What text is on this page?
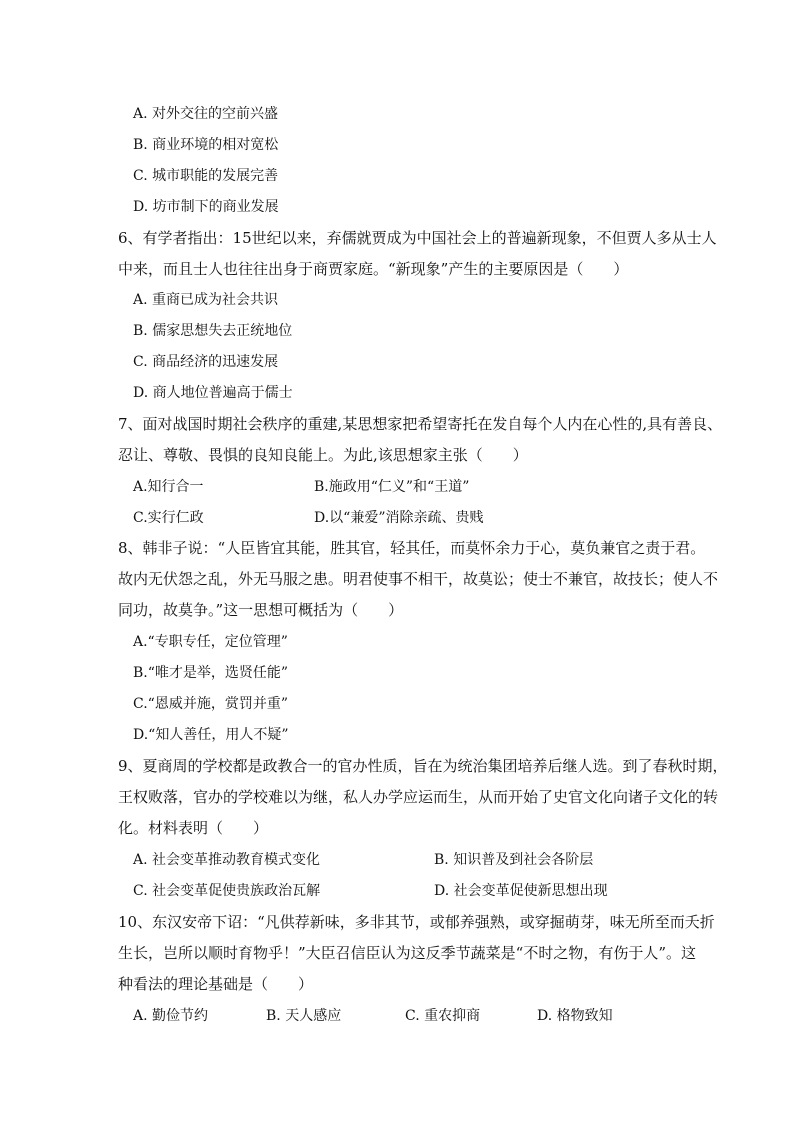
A. 对外交往的空前兴盛
B. 商业环境的相对宽松
C. 城市职能的发展完善
D. 坊市制下的商业发展
6、有学者指出：15世纪以来，弃儒就贾成为中国社会上的普遍新现象，不但贾人多从士人
中来，而且士人也往往出身于商贾家庭。“新现象”产生的主要原因是（　　）
A. 重商已成为社会共识
B. 儒家思想失去正统地位
C. 商品经济的迅速发展
D. 商人地位普遍高于儒士
7、面对战国时期社会秩序的重建,某思想家把希望寄托在发自每个人内在心性的,具有善良、
忍让、尊敬、畏惧的良知良能上。为此,该思想家主张（　　）
A.知行合一	B.施政用“仁义”和“王道”
C.实行仁政	D.以“兼爱”消除亲疏、贵贱
8、韩非子说：“人臣皆宜其能，胜其官，轻其任，而莫怀余力于心，莫负兼官之责于君。
故内无伏怨之乱，外无马服之患。明君使事不相干，故莫讼；使士不兼官，故技长；使人不
同功，故莫争。”这一思想可概括为（　　）
A.“专职专任，定位管理”
B.“唯才是举，选贤任能”
C.“恩威并施，赏罚并重”
D.“知人善任，用人不疑”
9、夏商周的学校都是政教合一的官办性质，旨在为统治集团培养后继人选。到了春秋时期，
王权败落，官办的学校难以为继，私人办学应运而生，从而开始了史官文化向诸子文化的转
化。材料表明（　　）
A. 社会变革推动教育模式变化	B. 知识普及到社会各阶层
C. 社会变革促使贵族政治瓦解	D. 社会变革促使新思想出现
10、东汉安帝下诏：“凡供荐新味，多非其节，或郁养强熟，或穿掘萌芽，味无所至而夭折
生长，岂所以顺时育物乎！”大臣召信臣认为这反季节蔬菜是“不时之物，有伤于人”。这
种看法的理论基础是（　　）
A. 勤俭节约	B. 天人感应	C. 重农抑商	D. 格物致知
